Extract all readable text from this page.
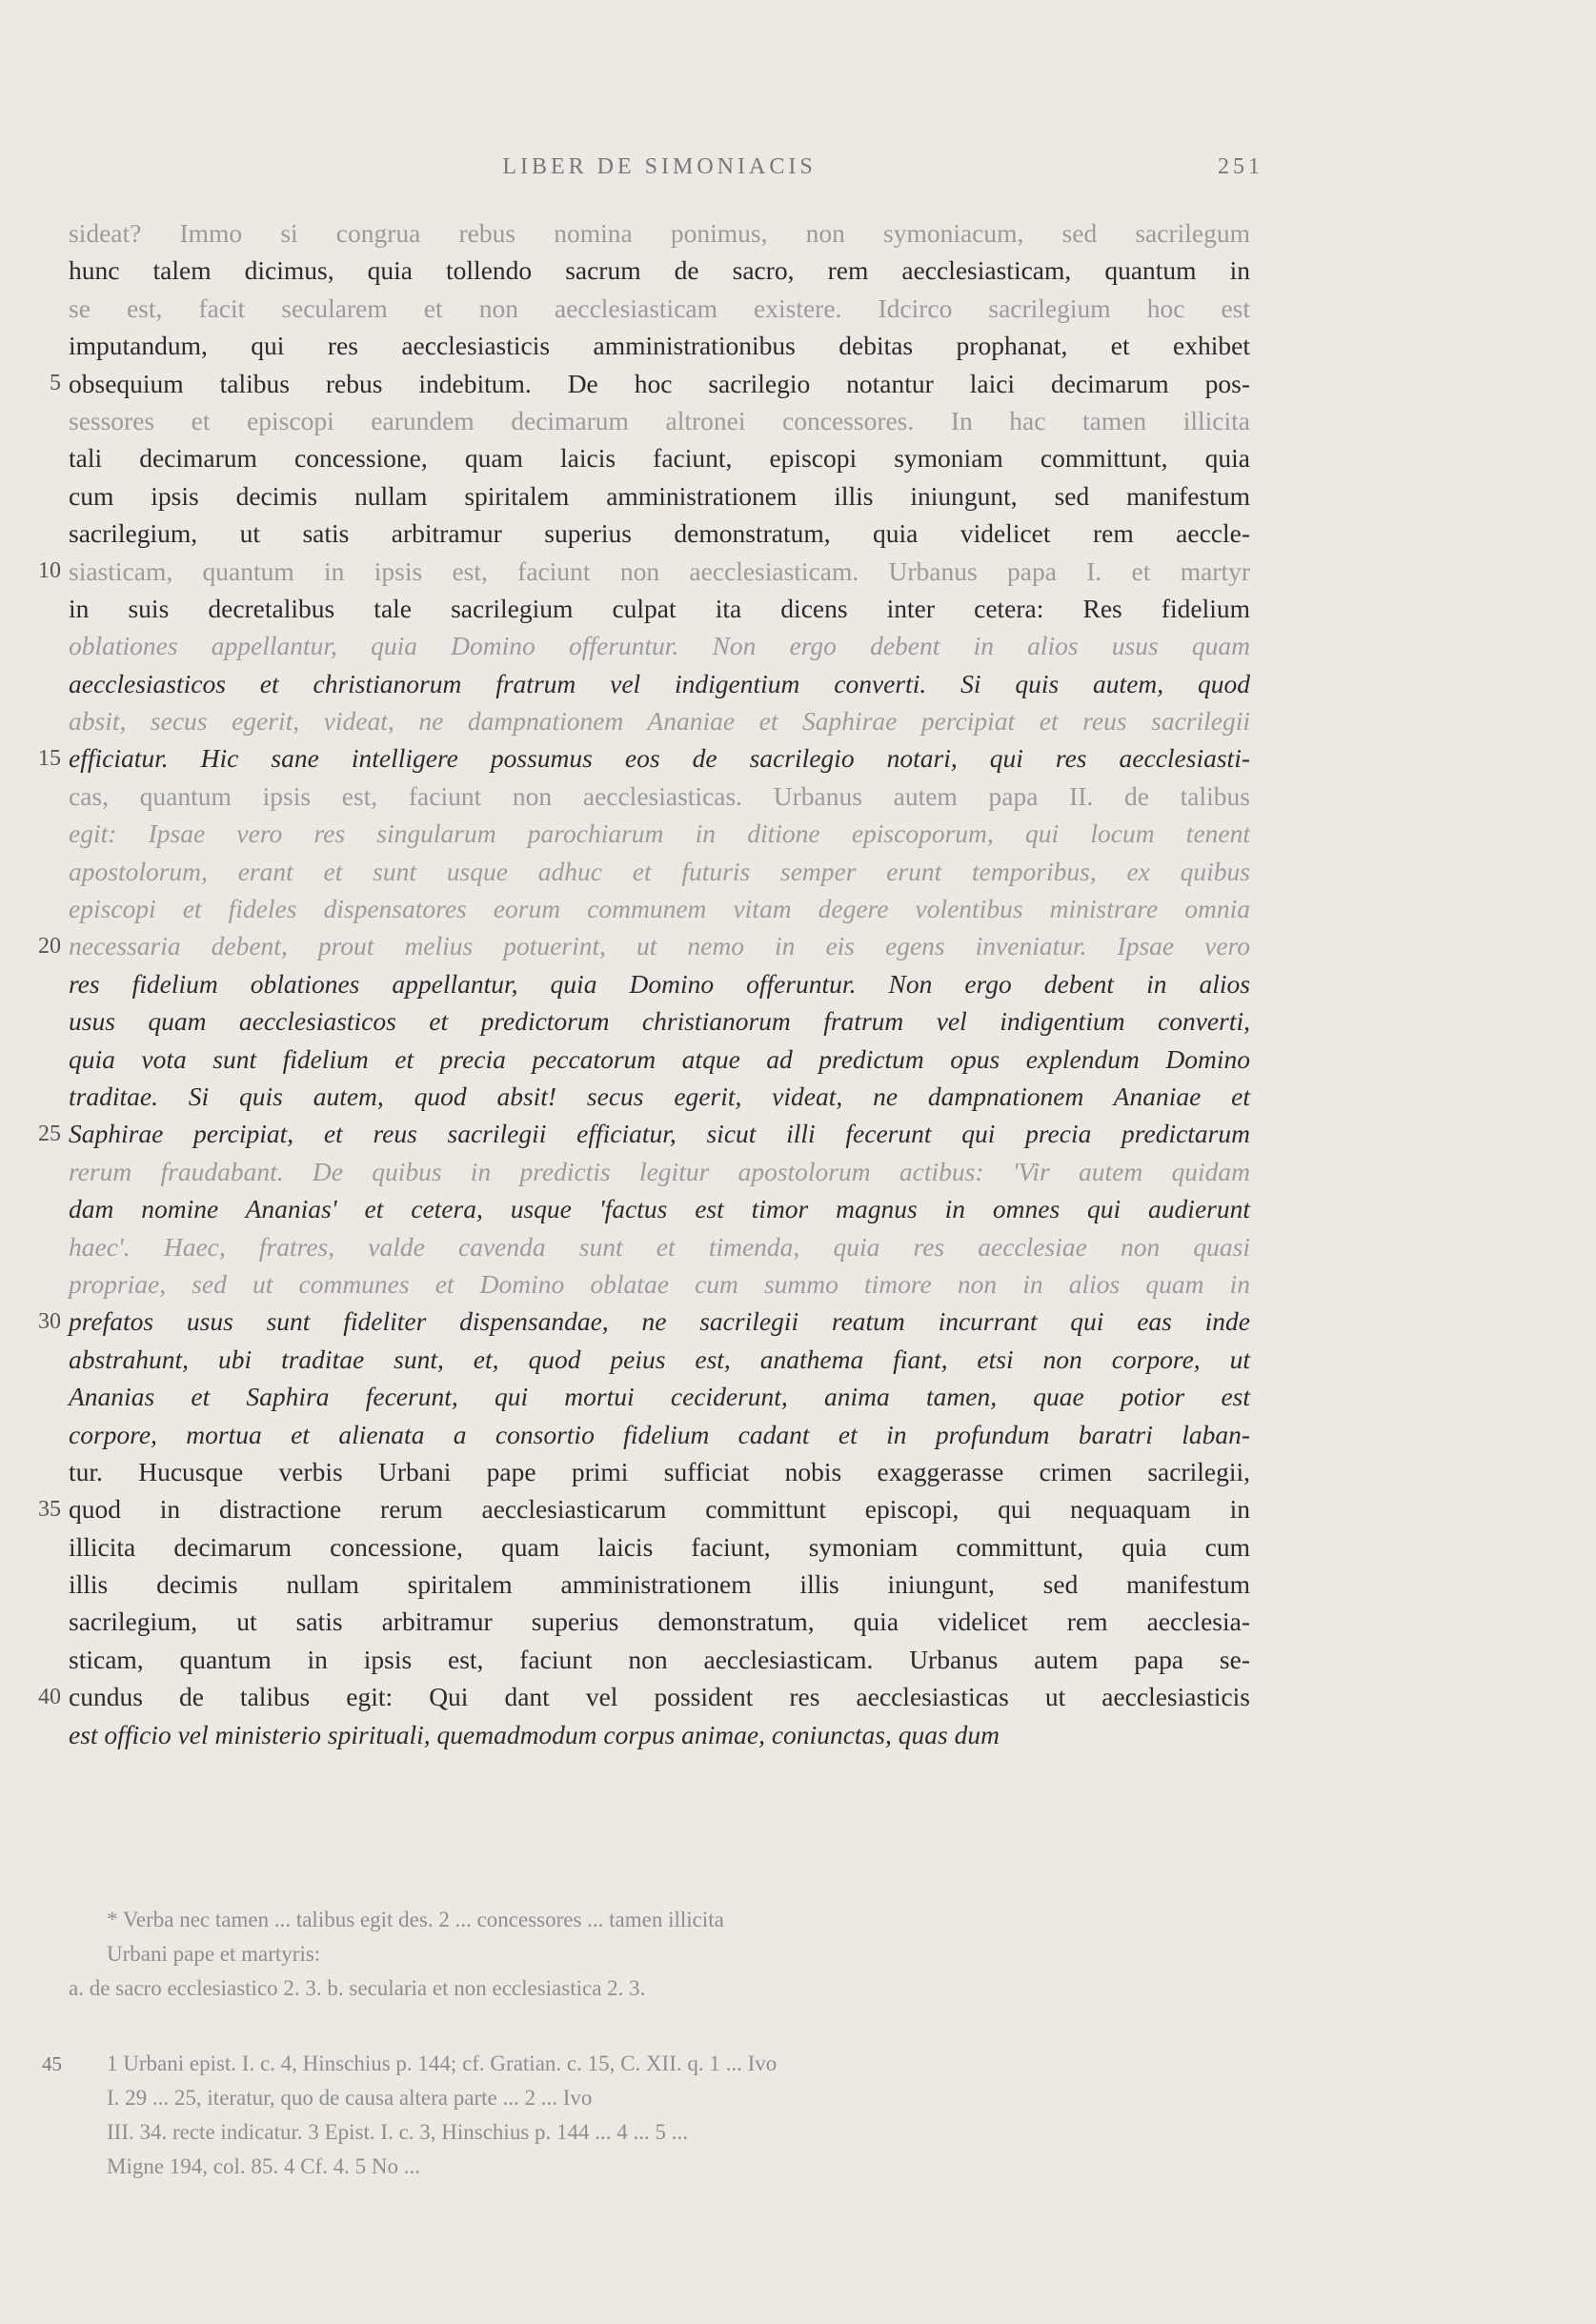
LIBER DE SIMONIACIS	251
sideat? Immo si congrua rebus nomina ponimus, non symoniacum, sed sacrilegum
hunc talem dicimus, quia tollendo sacrum de sacro, rem aecclesiasticam, quantum in
se est, facit secularem et non aecclesiasticam existere. Idcirco sacrilegium hoc est
imputandum, qui res aecclesiasticis amministrationibus debitas prophanat, et exhibet
obsequium talibus rebus indebitum. De hoc sacrilegio notantur laici decimarum pos-
5
sessores et episcopi earundem decimarum altronei concessores. In hac tamen illicita
tali decimarum concessione, quam laicis faciunt, episcopi symoniam committunt, quia
cum ipsis decimis nullam spiritalem amministrationem illis iniungunt, sed manifestum
sacrilegium, ut satis arbitramur superius demonstratum, quia videlicet rem aeccle-
siasticam, quantum in ipsis est, faciunt non aecclesiasticam. Urbanus papa I. et martyr
10
in suis decretalibus tale sacrilegium culpat ita dicens inter cetera: Res fidelium
oblationes appellantur, quia Domino offeruntur. Non ergo debent in alios usus quam
aecclesiasticos et christianorum fratrum vel indigentium converti. Si quis autem, quod
absit, secus egerit, videat, ne dampnationem Ananiae et Saphirae percipiat et reus sacrilegii
efficiatur. Hic sane intelligere possumus eos de sacrilegio notari, qui res aecclesiasti-
15
cas, quantum ipsis est, faciunt non aecclesiasticas. Urbanus autem papa II. de talibus
egit: Ipsae vero res singularum parochiarum in ditione episcoporum, qui locum tenent
apostolorum, erant et sunt usque adhuc et futuris semper erunt temporibus, ex quibus
episcopi et fideles dispensatores eorum communem vitam degere volentibus ministrare omnia
necessaria debent, prout melius potuerint, ut nemo in eis egens inveniatur. Ipsae vero
20
res fidelium oblationes appellantur, quia Domino offeruntur. Non ergo debent in alios
usus quam aecclesiasticos et predictorum christianorum fratrum vel indigentium converti,
quia vota sunt fidelium et precia peccatorum atque ad predictum opus explendum Domino
traditae. Si quis autem, quod absit! secus egerit, videat, ne dampnationem Ananiae et
Saphirae percipiat, et reus sacrilegii efficiatur, sicut illi fecerunt qui precia predictarum
25
rerum fraudabant. De quibus in predictis legitur apostolorum actibus: 'Vir autem quidam
dam nomine Ananias' et cetera, usque 'factus est timor magnus in omnes qui audierunt
haec'. Haec, fratres, valde cavenda sunt et timenda, quia res aecclesiae non quasi
propriae, sed ut communes et Domino oblatae cum summo timore non in alios quam in
prefatos usus sunt fideliter dispensandae, ne sacrilegii reatum incurrant qui eas inde
30
abstrahunt, ubi traditae sunt, et, quod peius est, anathema fiant, etsi non corpore, ut
Ananias et Saphira fecerunt, qui mortui ceciderunt, anima tamen, quae potior est
corpore, mortua et alienata a consortio fidelium cadant et in profundum baratri laban-
tur. Hucusque verbis Urbani pape primi sufficiat nobis exaggerasse crimen sacrilegii,
quod in distractione rerum aecclesiasticarum committunt episcopi, qui nequaquam in
35
illicita decimarum concessione, quam laicis faciunt, symoniam committunt, quia cum
illis decimis nullam spiritalem amministrationem illis iniungunt, sed manifestum
sacrilegium, ut satis arbitramur superius demonstratum, quia videlicet rem aecclesia-
sticam, quantum in ipsis est, faciunt non aecclesiasticam. Urbanus autem papa se-
cundus de talibus egit: Qui dant vel possident res aecclesiasticas ut aecclesiasticis
40
est officio vel ministerio spirituali, quemadmodum corpus animae, coniunctas, quas dum
* Verba nec tamen ... talibus egit des. 2 ... concessores ... tamen illicita
Urbani pape et martyris:
a. de sacro ecclesiastico 2. 3. b. secularia et non ecclesiastica 2. 3.
45 1 Urbani epist. I. c. 4, Hinschius p. 144; cf. Gratian. c. 15, C. XII. q. 1 ... Ivo
I. 29 ... 25, iteratur, quo de causa altera parte ... 2 ... Ivo
III. 34. recte indicatur. 3 Epist. I. c. 3, Hinschius p. 144 ... 4 ... 5 ...
Migne 194, col. 85. 4 Cf. 4. 5 No ...
